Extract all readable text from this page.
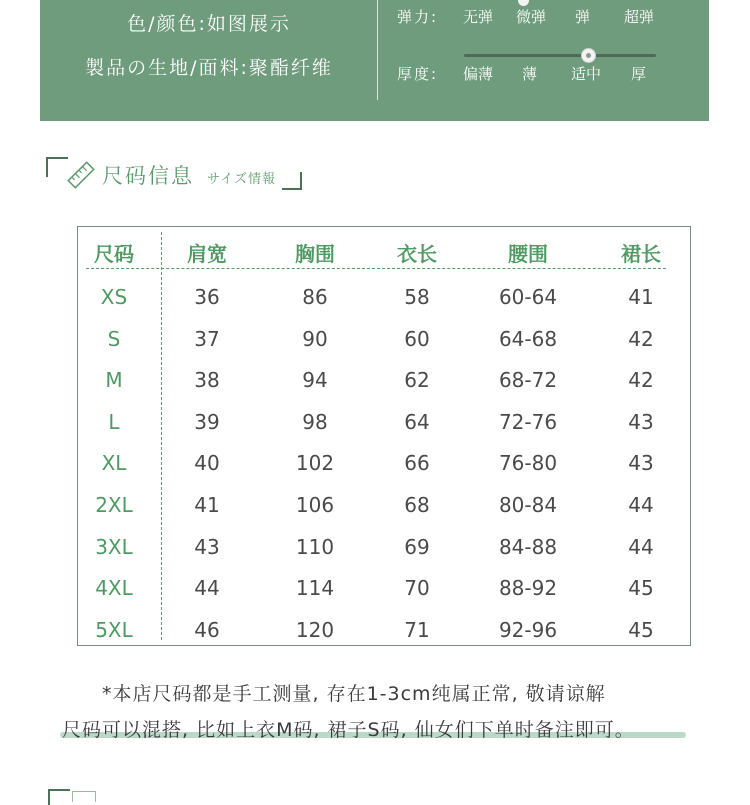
色/颜色:如图展示
製品の生地/面料:聚酯纤维
弹力: 无弹 微弹 弹 超弹
厚度: 偏薄 薄 适中 厚
尺码信息 サイズ情報
尺码	肩宽	胸围	衣长	腰围	裙长
XS	36	86	58	60-64	41
S	37	90	60	64-68	42
M	38	94	62	68-72	42
L	39	98	64	72-76	43
XL	40	102	66	76-80	43
2XL	41	106	68	80-84	44
3XL	43	110	69	84-88	44
4XL	44	114	70	88-92	45
5XL	46	120	71	92-96	45
*本店尺码都是手工测量, 存在1-3cm纯属正常, 敬请谅解
尺码可以混搭, 比如上衣M码, 裙子S码, 仙女们下单时备注即可。
